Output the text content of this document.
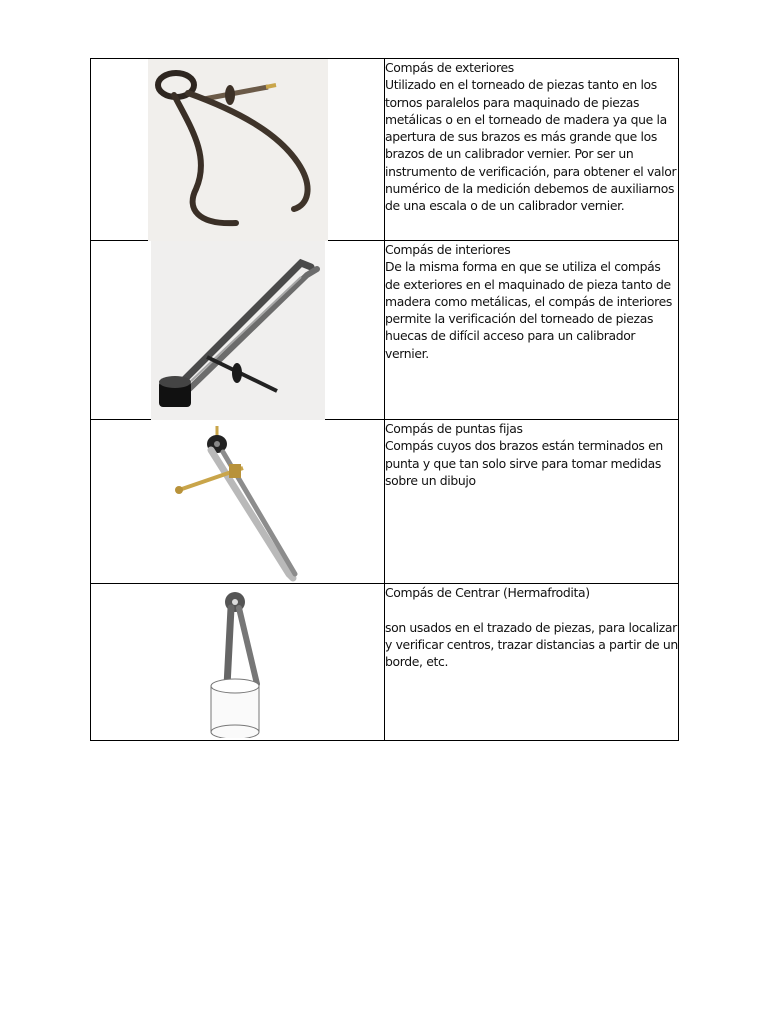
Compás de exteriores
Utilizado en el torneado de piezas tanto en los tornos paralelos para maquinado de piezas metálicas o en el torneado de madera ya que la apertura de sus brazos es más grande que los brazos de un calibrador vernier. Por ser un instrumento de verificación, para obtener el valor numérico de la medición debemos de auxiliarnos de una escala o de un calibrador vernier.

Compás de interiores
De la misma forma en que se utiliza el compás de exteriores en el maquinado de pieza tanto de madera como metálicas, el compás de interiores permite la verificación del torneado de piezas huecas de difícil acceso para un calibrador vernier.

Compás de puntas fijas
Compás cuyos dos brazos están terminados en punta y que tan solo sirve para tomar medidas sobre un dibujo

Compás de Centrar (Hermafrodita)
son usados en el trazado de piezas, para localizar y verificar centros, trazar distancias a partir de un borde, etc.
